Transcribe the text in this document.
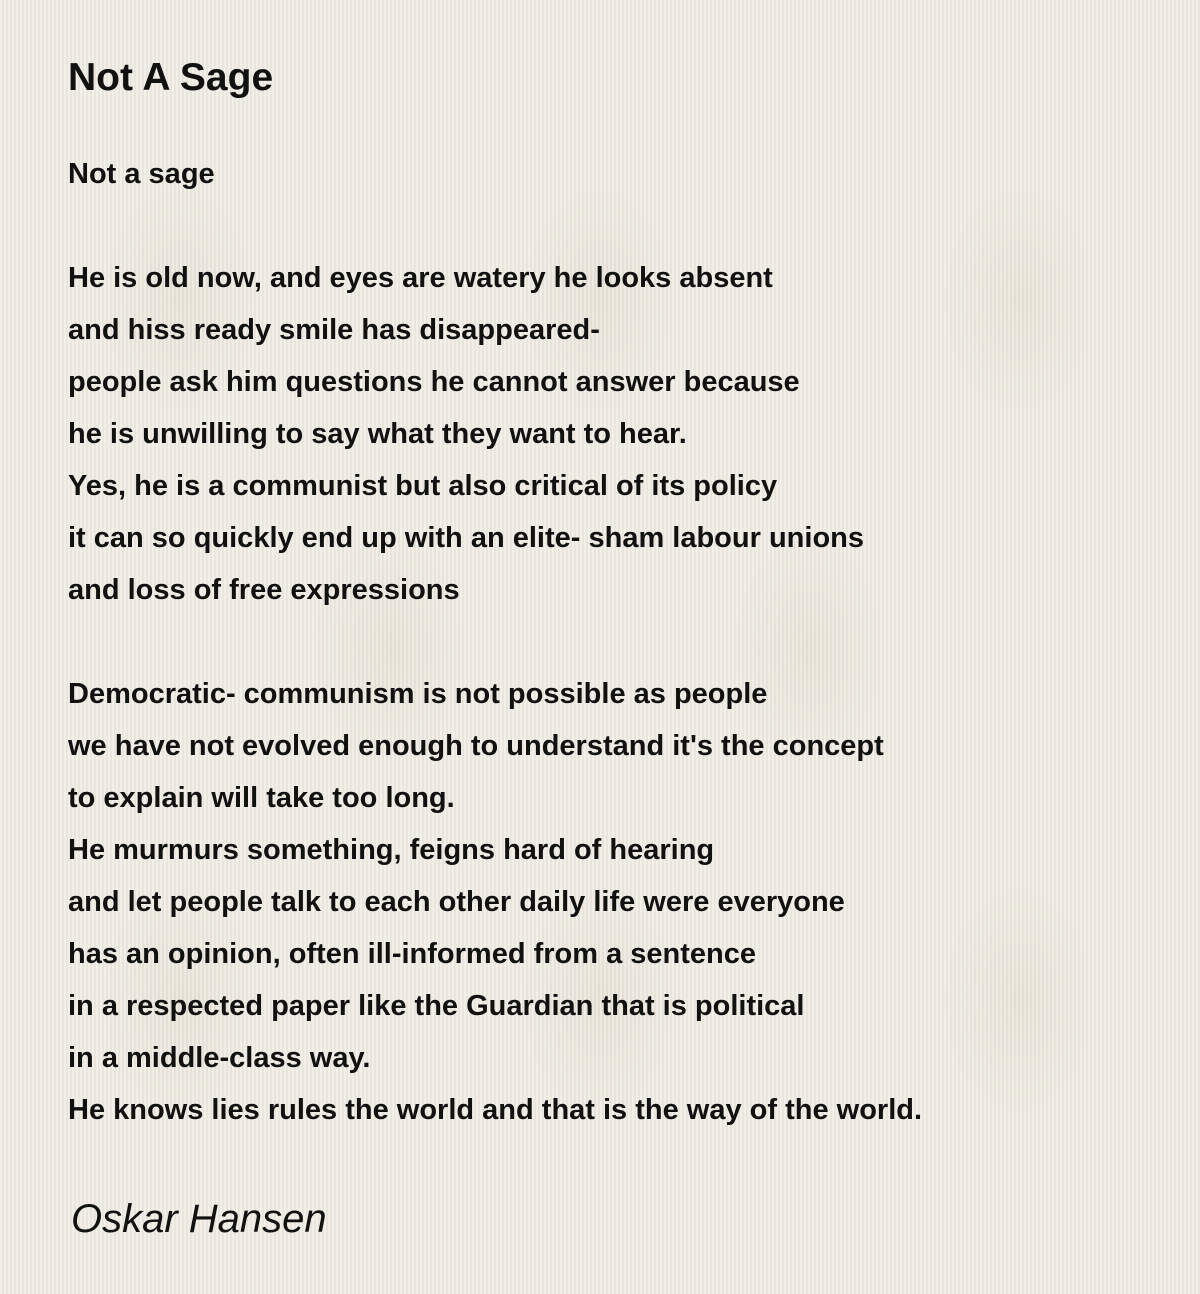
Not A Sage
Not a sage
He is old now, and eyes are watery he looks absent
and hiss ready smile has disappeared-
people ask him questions he cannot answer because
he is unwilling to say what they want to hear.
Yes, he is a communist but also critical of its policy
it can so quickly end up with an elite- sham labour unions
and loss of free expressions
Democratic- communism is not possible as people
we have not evolved enough to understand it's the concept
to explain will take too long.
He murmurs something, feigns hard of hearing
and let people talk to each other daily life were everyone
has an opinion, often ill-informed from a sentence
in a respected paper like the Guardian that is political
in a middle-class way.
He knows lies rules the world and that is the way of the world.
Oskar Hansen
